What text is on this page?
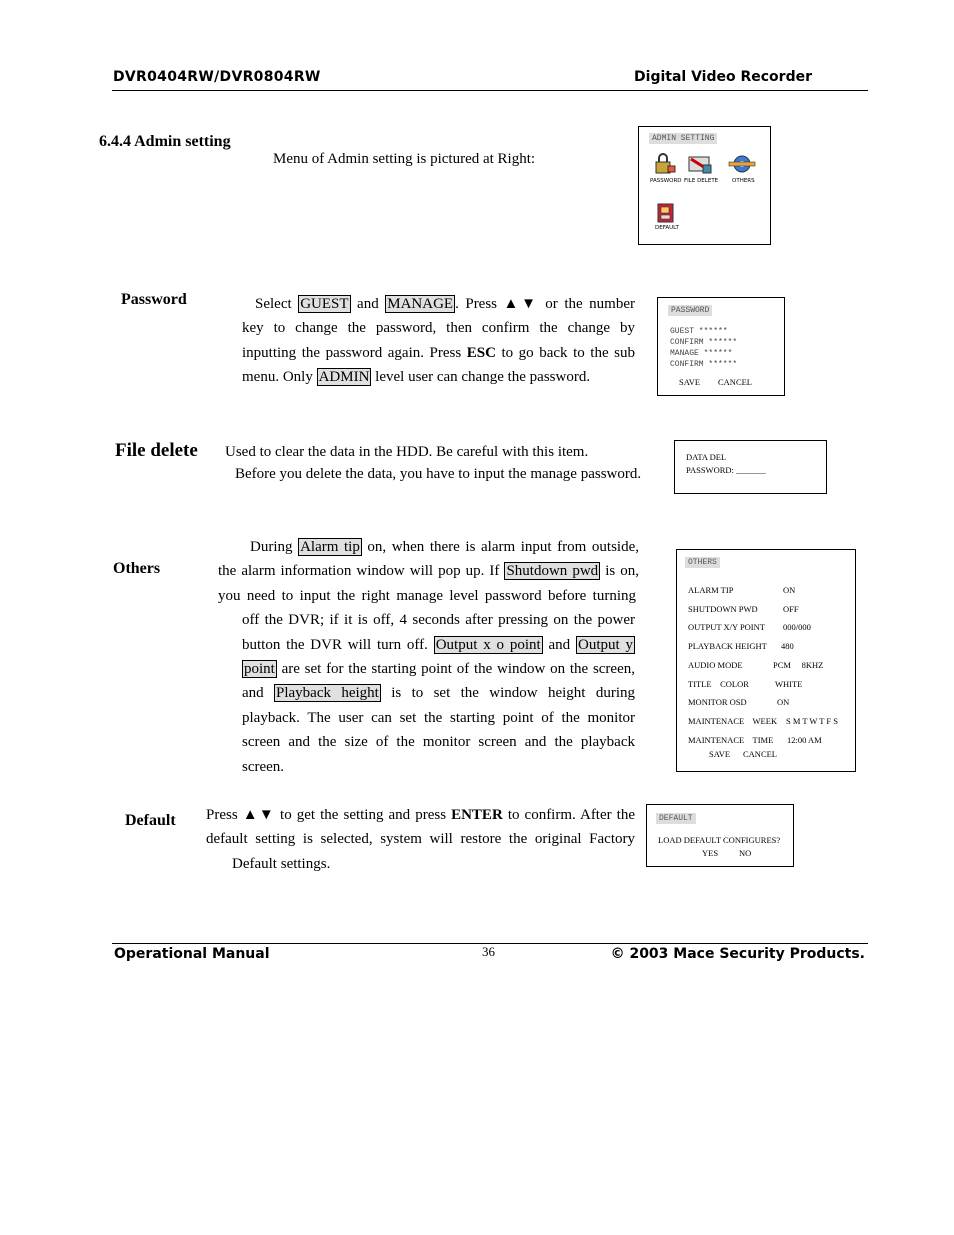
DVR0404RW/DVR0804RW	Digital Video Recorder
6.4.4 Admin setting
Menu of Admin setting is pictured at Right:
ADMIN SETTING
PASSWORD FILE DELETE	OTHERS
DEFAULT
Password	Select GUEST and MANAGE . Press ▲▼ or the number
key to change the password, then confirm the change by
inputting the password again. Press ESC to go back to the sub
menu. Only ADMIN level user can change the password.
PASSWORD
GUEST ******
CONFIRM ******
MANAGE ******
CONFIRM ******
SAVE CANCEL
File delete Used to clear the data in the HDD. Be careful with this item.
Before you delete the data, you have to input the manage password.
DATA DEL
PASSWORD: _______
Others
During Alarm tip on, when there is alarm input from outside,
the alarm information window will pop up. If Shutdown pwd is on,
you need to input the right manage level password before turning
off the DVR; if it is off, 4 seconds after pressing on the power
button the DVR will turn off. Output x o point and Output y
point are set for the starting point of the window on the screen,
and Playback height is to set the window height during
playback. The user can set the starting point of the monitor
screen and the size of the monitor screen and the playback
screen.
OTHERS
ALARM TIP	ON
SHUTDOWN PWD	OFF
OUTPUT X/Y POINT 000/000
PLAYBACK HEIGHT 480
AUDIO MODE	PCM     8KHZ
TITLE    COLOR	WHITE
MONITOR OSD	ON
MAINTENACE    WEEK S M T W T F S
MAINTENACE    TIME 12:00 AM
SAVE CANCEL
Default Press ▲▼ to get the setting and press ENTER to confirm. After the
default setting is selected, system will restore the original Factory
Default settings.
DEFAULT
LOAD DEFAULT CONFIGURES?
YES NO
Operational Manual	36	© 2003 Mace Security Products.
